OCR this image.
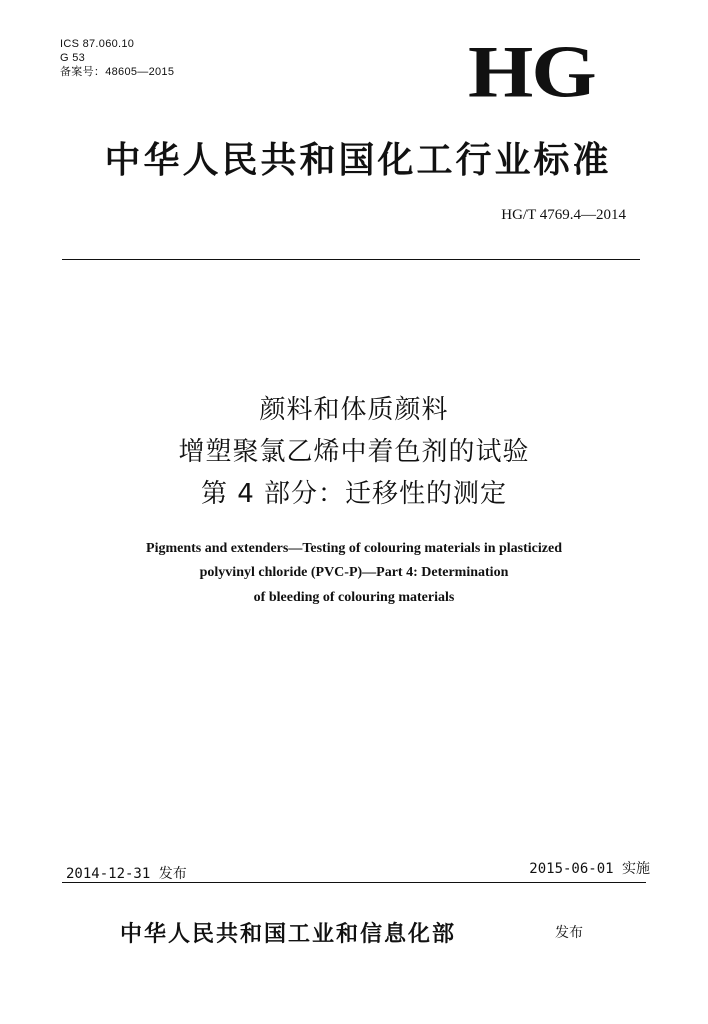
ICS 87.060.10
G 53
备案号：48605—2015	HG
中华人民共和国化工行业标准
HG/T 4769.4—2014
颜料和体质颜料
增塑聚氯乙烯中着色剂的试验
第 4 部分：迁移性的测定
Pigments and extenders—Testing of colouring materials in plasticized
polyvinyl chloride (PVC-P)—Part 4: Determination
of bleeding of colouring materials
2014-12-31 发布	2015-06-01 实施
中华人民共和国工业和信息化部	发布
